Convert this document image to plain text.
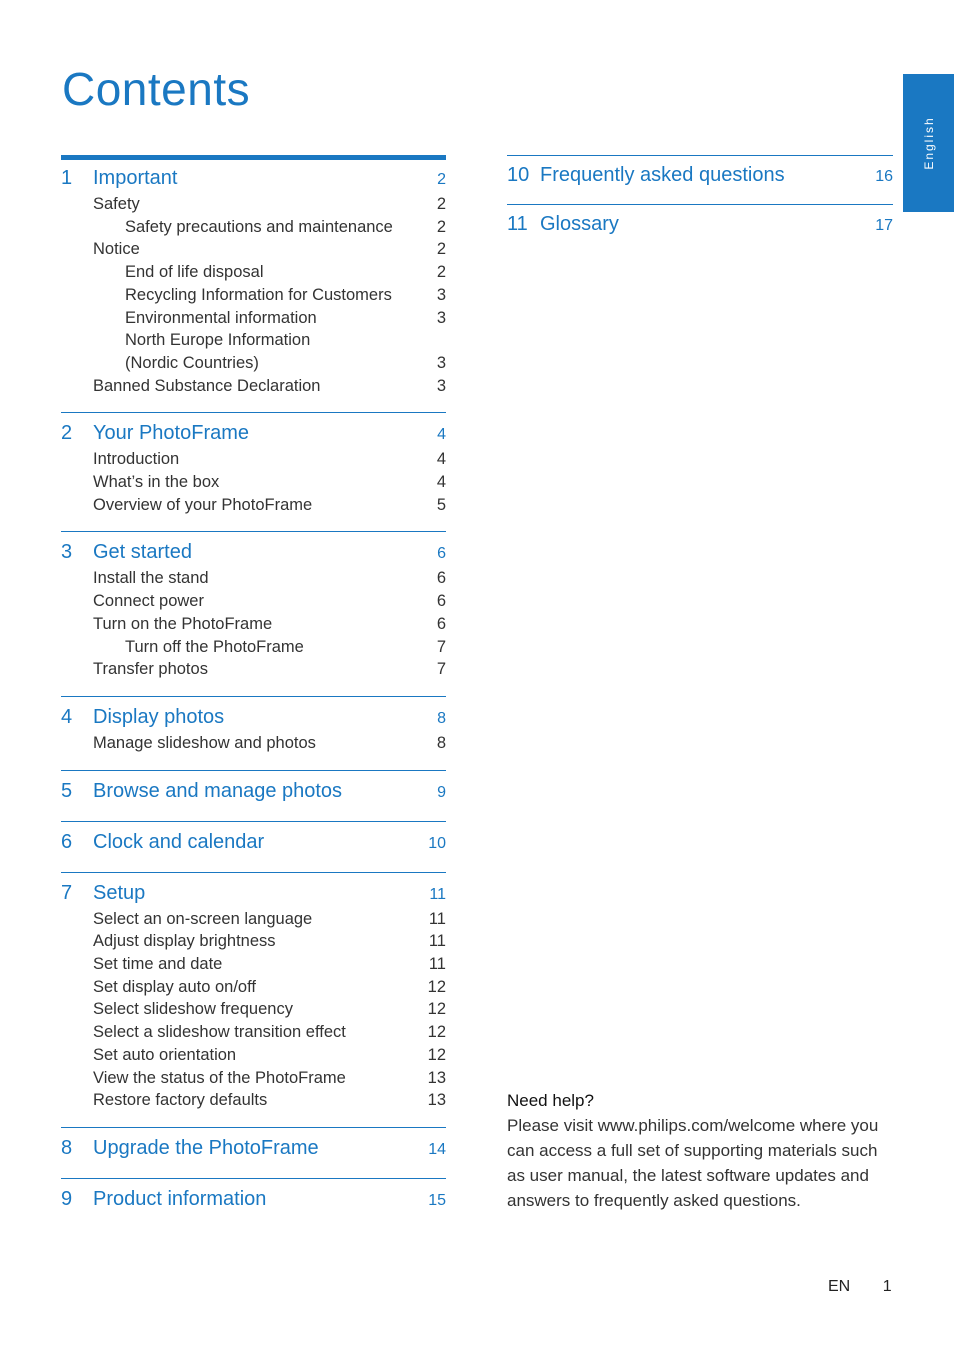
Contents
English
1	Important	2
Safety	2
Safety precautions and maintenance	2
Notice	2
End of life disposal	2
Recycling Information for Customers	3
Environmental information	3
North Europe Information
(Nordic Countries)	3
Banned Substance Declaration	3
2	Your PhotoFrame	4
Introduction	4
What’s in the box	4
Overview of your PhotoFrame	5
3	Get started	6
Install the stand	6
Connect power	6
Turn on the PhotoFrame	6
Turn off the PhotoFrame	7
Transfer photos	7
4	Display photos	8
Manage slideshow and photos	8
5	Browse and manage photos	9
6	Clock and calendar	10
7	Setup	11
Select an on-screen language	11
Adjust display brightness	11
Set time and date	11
Set display auto on/off	12
Select slideshow frequency	12
Select a slideshow transition effect	12
Set auto orientation	12
View the status of the PhotoFrame	13
Restore factory defaults	13
8	Upgrade the PhotoFrame	14
9	Product information	15
10 Frequently asked questions	16
11 Glossary	17
Need help?
Please visit www.philips.com/welcome where you can access a full set of supporting materials such as user manual, the latest software updates and answers to frequently asked questions.
EN 1
